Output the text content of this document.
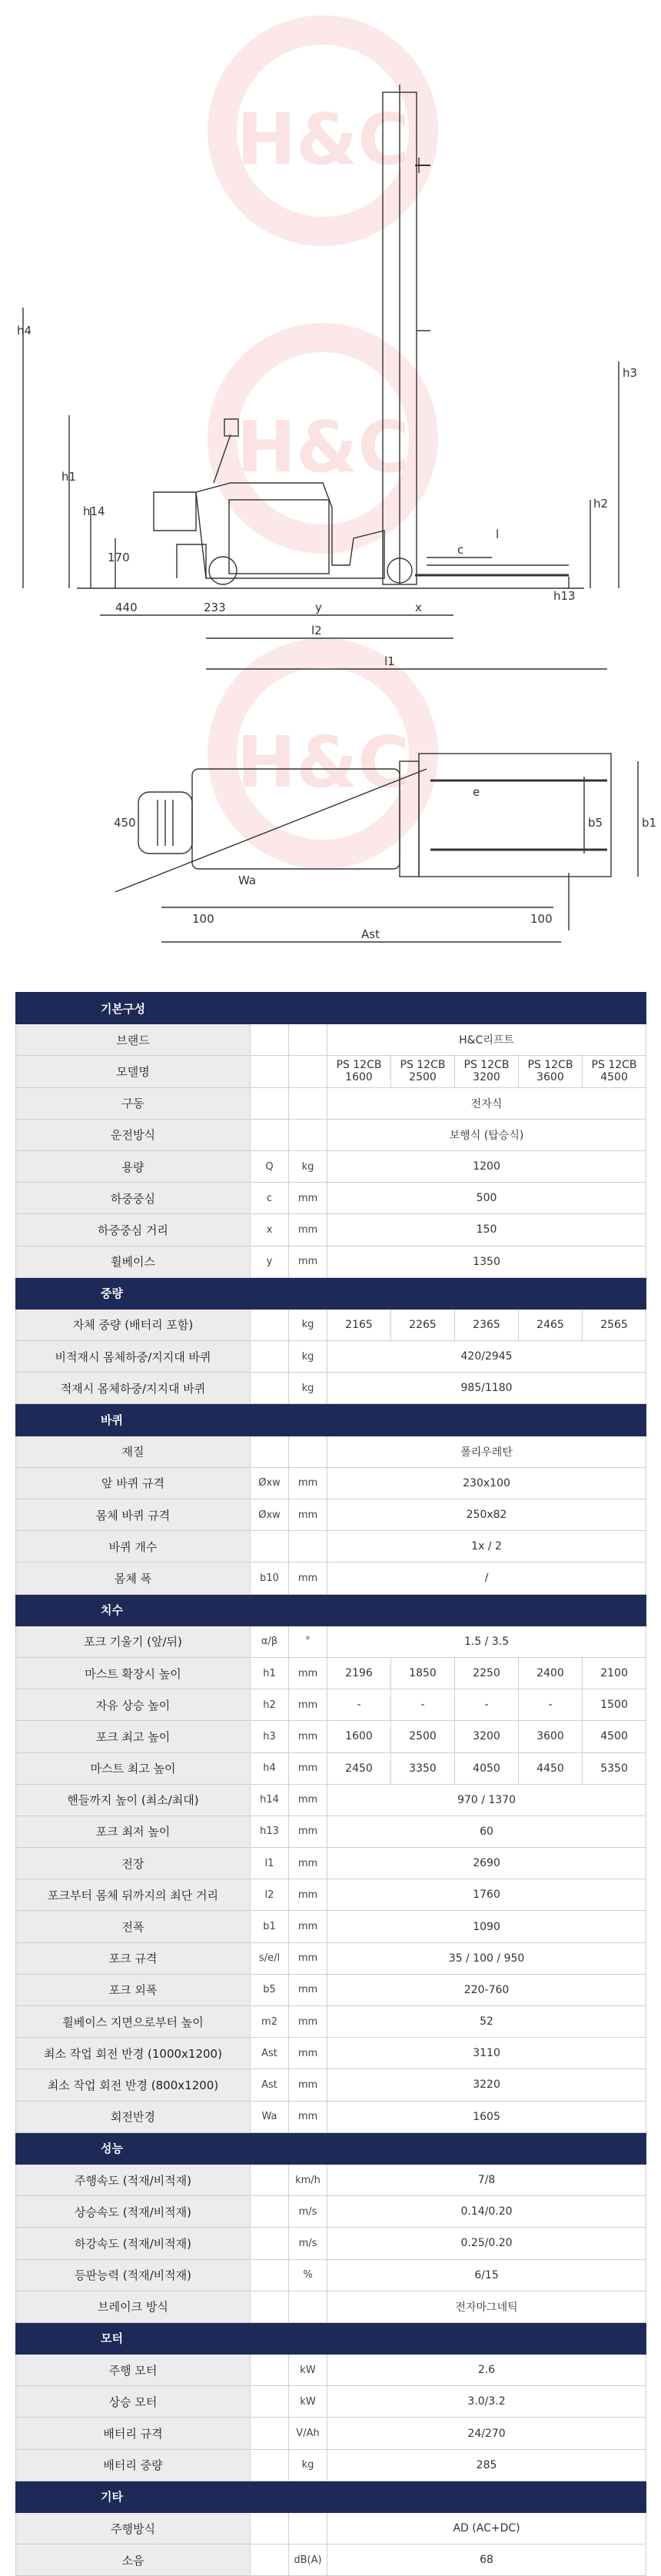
H&C
H&C
H&C
h4
h1
h14
170
h3
h2
h13
l
c
440	233	y	x
l2
l1
450
Wa
100
e
b5	b1
100
Ast
기본구성							
브랜드			H&C리프트				
모델명			PS 12CB 1600	PS 12CB 2500	PS 12CB 3200	PS 12CB 3600	PS 12CB 4500
구동			전자식				
운전방식			보행식 (탑승식)				
용량	Q	kg	1200				
하중중심	c	mm	500				
하중중심 거리	x	mm	150				
휠베이스	y	mm	1350				
중량							
자체 중량 (배터리 포함)		kg	2165	2265	2365	2465	2565
비적재시 몸체하중/지지대 바퀴		kg	420/2945				
적재시 몸체하중/지지대 바퀴		kg	985/1180				
바퀴							
재질			폴리우레탄				
앞 바퀴 규격	Øxw	mm	230x100				
몸체 바퀴 규격	Øxw	mm	250x82				
바퀴 개수			1x / 2				
몸체 폭	b10	mm	/				
치수							
포크 기울기 (앞/뒤)	α/β	°	1.5 / 3.5				
마스트 확장시 높이	h1	mm	2196	1850	2250	2400	2100
자유 상승 높이	h2	mm	-	-	-	-	1500
포크 최고 높이	h3	mm	1600	2500	3200	3600	4500
마스트 최고 높이	h4	mm	2450	3350	4050	4450	5350
핸들까지 높이 (최소/최대)	h14	mm	970 / 1370				
포크 최저 높이	h13	mm	60				
전장	l1	mm	2690				
포크부터 몸체 뒤까지의 최단 거리	l2	mm	1760				
전폭	b1	mm	1090				
포크 규격	s/e/l	mm	35 / 100 / 950				
포크 외폭	b5	mm	220-760				
휠베이스 지면으로부터 높이	m2	mm	52				
최소 작업 회전 반경 (1000x1200)	Ast	mm	3110				
최소 작업 회전 반경 (800x1200)	Ast	mm	3220				
회전반경	Wa	mm	1605				
성능							
주행속도 (적재/비적재)		km/h	7/8				
상승속도 (적재/비적재)		m/s	0.14/0.20				
하강속도 (적재/비적재)		m/s	0.25/0.20				
등판능력 (적재/비적재)		%	6/15				
브레이크 방식			전자마그네틱				
모터							
주행 모터		kW	2.6				
상승 모터		kW	3.0/3.2				
배터리 규격		V/Ah	24/270				
배터리 중량		kg	285				
기타							
주행방식			AD (AC+DC)				
소음		dB(A)	68				
